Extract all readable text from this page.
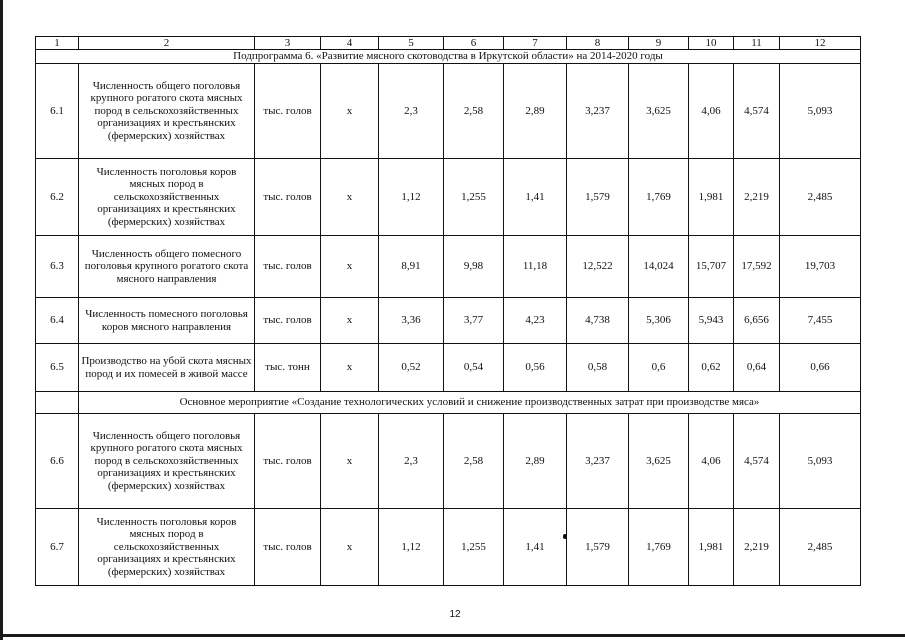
1	2	3	4	5	6	7	8	9	10	11	12
Подпрограмма 6. «Развитие мясного скотоводства в Иркутской области» на 2014-2020 годы											
6.1	Численность общего поголовья крупного рогатого скота мясных пород в сельскохозяйственных организациях и крестьянских (фермерских) хозяйствах	тыс. голов	х	2,3	2,58	2,89	3,237	3,625	4,06	4,574	5,093
6.2	Численность поголовья коров мясных пород в сельскохозяйственных организациях и крестьянских (фермерских) хозяйствах	тыс. голов	х	1,12	1,255	1,41	1,579	1,769	1,981	2,219	2,485
6.3	Численность общего помесного поголовья крупного рогатого скота мясного направления	тыс. голов	х	8,91	9,98	11,18	12,522	14,024	15,707	17,592	19,703
6.4	Численность помесного поголовья коров мясного направления	тыс. голов	х	3,36	3,77	4,23	4,738	5,306	5,943	6,656	7,455
6.5	Производство на убой скота мясных пород и их помесей в живой массе	тыс. тонн	х	0,52	0,54	0,56	0,58	0,6	0,62	0,64	0,66
	Основное мероприятие «Создание технологических условий и снижение производственных затрат при производстве мяса»										
6.6	Численность общего поголовья крупного рогатого скота мясных пород в сельскохозяйственных организациях и крестьянских (фермерских) хозяйствах	тыс. голов	х	2,3	2,58	2,89	3,237	3,625	4,06	4,574	5,093
6.7	Численность поголовья коров мясных пород в сельскохозяйственных организациях и крестьянских (фермерских) хозяйствах	тыс. голов	х	1,12	1,255	1,41	1,579	1,769	1,981	2,219	2,485
12
